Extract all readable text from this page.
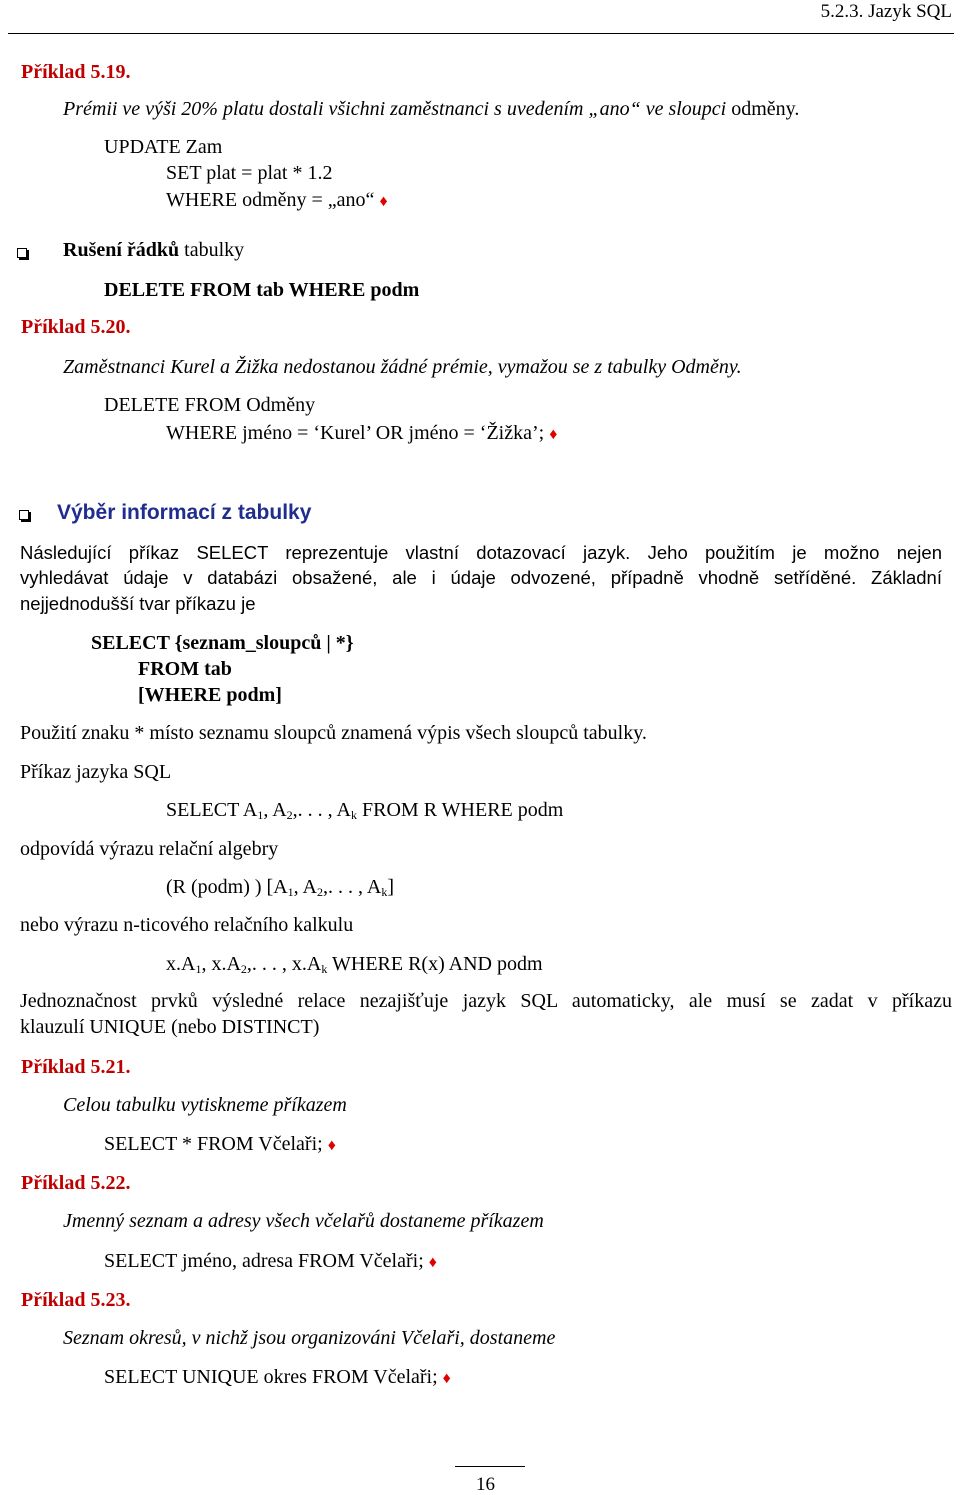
5.2.3. Jazyk SQL
Příklad 5.19.
Prémii ve výši 20% platu dostali všichni zaměstnanci s uvedením „ano“ ve sloupci odměny.
UPDATE Zam
SET plat = plat * 1.2
WHERE odměny = „ano“ ♦
Rušení řádků tabulky
DELETE FROM tab WHERE podm
Příklad 5.20.
Zaměstnanci Kurel a Žižka nedostanou žádné prémie, vymažou se z tabulky Odměny.
DELETE FROM Odměny
WHERE jméno = ‘Kurel’ OR jméno = ‘Žižka’; ♦
Výběr informací z tabulky
Následující příkaz SELECT reprezentuje vlastní dotazovací jazyk. Jeho použitím je možno nejen
vyhledávat údaje v databázi obsažené, ale i údaje odvozené, případně vhodně setříděné. Základní
nejjednodušší tvar příkazu je
SELECT {seznam_sloupců | *}
FROM tab
[WHERE podm]
Použití znaku * místo seznamu sloupců znamená výpis všech sloupců tabulky.
Příkaz jazyka SQL
SELECT $A_1$, $A_2$,. . . , $A_k$ FROM R WHERE podm
odpovídá výrazu relační algebry
(R (podm) ) [$A_1$, $A_2$,. . . , $A_k$]
nebo výrazu n-ticového relačního kalkulu
$x.A_1$, $x.A_2$,. . . , $x.A_k$ WHERE R(x) AND podm
Jednoznačnost prvků výsledné relace nezajišťuje jazyk SQL automaticky, ale musí se zadat v příkazu
klauzulí UNIQUE (nebo DISTINCT)
Příklad 5.21.
Celou tabulku vytiskneme příkazem
SELECT * FROM Včelaři; ♦
Příklad 5.22.
Jmenný seznam a adresy všech včelařů dostaneme příkazem
SELECT jméno, adresa FROM Včelaři; ♦
Příklad 5.23.
Seznam okresů, v nichž jsou organizováni Včelaři, dostaneme
SELECT UNIQUE okres FROM Včelaři; ♦
16
